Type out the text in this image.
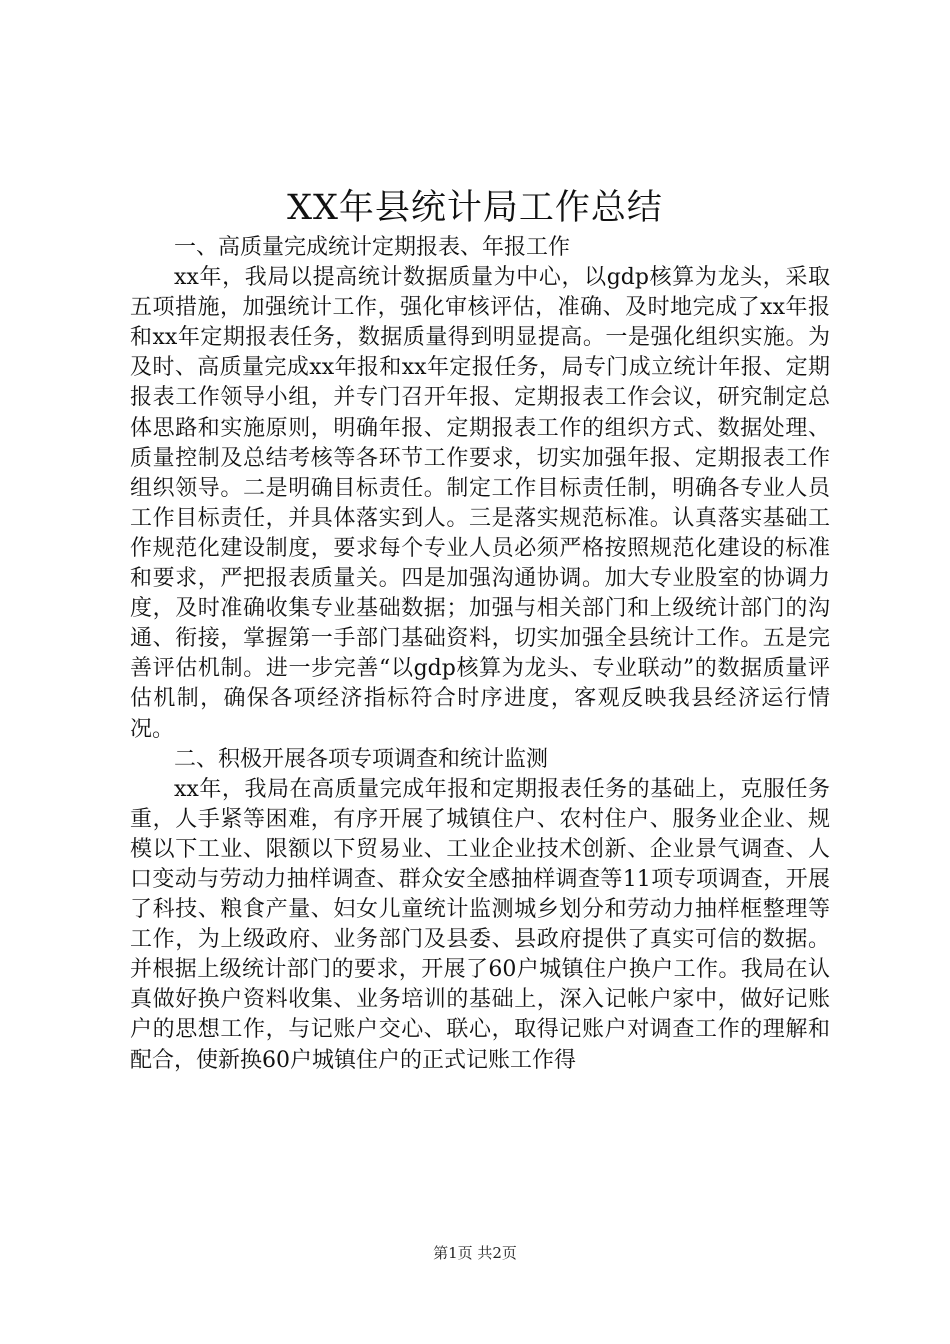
XX年县统计局工作总结

一、高质量完成统计定期报表、年报工作

xx年，我局以提高统计数据质量为中心，以gdp核算为龙头，采取五项措施，加强统计工作，强化审核评估，准确、及时地完成了xx年报和xx年定期报表任务，数据质量得到明显提高。一是强化组织实施。为及时、高质量完成xx年报和xx年定报任务，局专门成立统计年报、定期报表工作领导小组，并专门召开年报、定期报表工作会议，研究制定总体思路和实施原则，明确年报、定期报表工作的组织方式、数据处理、质量控制及总结考核等各环节工作要求，切实加强年报、定期报表工作组织领导。二是明确目标责任。制定工作目标责任制，明确各专业人员工作目标责任，并具体落实到人。三是落实规范标准。认真落实基础工作规范化建设制度，要求每个专业人员必须严格按照规范化建设的标准和要求，严把报表质量关。四是加强沟通协调。加大专业股室的协调力度，及时准确收集专业基础数据；加强与相关部门和上级统计部门的沟通、衔接，掌握第一手部门基础资料，切实加强全县统计工作。五是完善评估机制。进一步完善“以gdp核算为龙头、专业联动”的数据质量评估机制，确保各项经济指标符合时序进度，客观反映我县经济运行情况。

二、积极开展各项专项调查和统计监测

xx年，我局在高质量完成年报和定期报表任务的基础上，克服任务重，人手紧等困难，有序开展了城镇住户、农村住户、服务业企业、规模以下工业、限额以下贸易业、工业企业技术创新、企业景气调查、人口变动与劳动力抽样调查、群众安全感抽样调查等11项专项调查，开展了科技、粮食产量、妇女儿童统计监测城乡划分和劳动力抽样框整理等工作，为上级政府、业务部门及县委、县政府提供了真实可信的数据。并根据上级统计部门的要求，开展了60户城镇住户换户工作。我局在认真做好换户资料收集、业务培训的基础上，深入记帐户家中，做好记账户的思想工作，与记账户交心、联心，取得记账户对调查工作的理解和配合，使新换60户城镇住户的正式记账工作得

第1页 共2页
